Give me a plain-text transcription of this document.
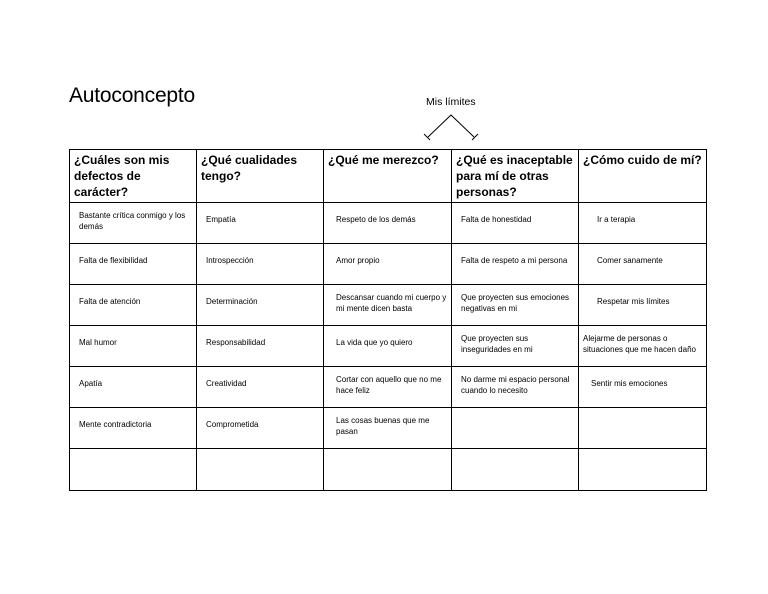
Autoconcepto	Mis límites
¿Cuáles son mis defectos de carácter?	¿Qué cualidades tengo?	¿Qué me merezco?	¿Qué es inaceptable para mí de otras personas?	¿Cómo cuido de mí?

Bastante crítica conmigo y los demás	Empatía	Respeto de los demás	Falta de honestidad	Ir a terapia

Falta de flexibilidad	Introspección	Amor propio	Falta de respeto a mi persona	Comer sanamente

Falta de atención	Determinación	Descansar cuando mi cuerpo y mi mente dicen basta	Que proyecten sus emociones negativas en mi	Respetar mis límites

Mal humor	Responsabilidad	La vida que yo quiero	Que proyecten sus inseguridades en mi	Alejarme de personas o situaciones que me hacen daño

Apatía	Creatividad	Cortar con aquello que no me hace feliz	No darme mi espacio personal cuando lo necesito	Sentir mis emociones

Mente contradictoria	Comprometida	Las cosas buenas que me pasan		
